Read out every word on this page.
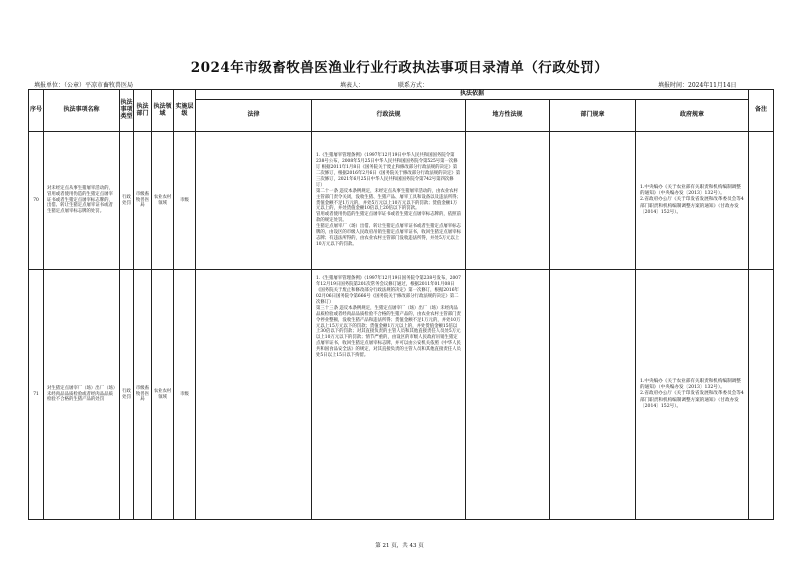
2024年市级畜牧兽医渔业行业行政执法事项目录清单（行政处罚）
填报单位：（公章）平凉市畜牧兽医局	填表人：	联系方式：	填报时间：2024年11月14日
序号	执法事项名称	执法事项类型	执法部门	执法领域	实施层级	执法依据					备注
						法律	行政法规	地方性法规	部门规章	政府规章	
70	对未经定点从事生猪屠宰活动的，冒用或者使用伪造的生猪定点屠宰证书或者生猪定点屠宰标志牌的，出借、转让生猪定点屠宰证书或者生猪定点屠宰标志牌的处罚。	行政处罚	市级畜牧兽医局	农业农村领域	市级		1.《生猪屠宰管理条例》（1997年12月19日中华人民共和国国务院令第238号公布，2008年5月25日中华人民共和国国务院令第525号第一次修订 根据2011年1月8日《国务院关于废止和修改部分行政法规的决定》第二次修订，根据2016年2月6日《国务院关于修改部分行政法规的决定》第三次修订，2021年6月25日中华人民共和国国务院令第742号第四次修订）
第二十一条 违反本条例规定，未经定点从事生猪屠宰活动的，由农业农村主管部门责令关闭，没收生猪、生猪产品、屠宰工具和设备以及违法所得；货值金额不足1万元的，并处5万元以上10万元以下的罚款；货值金额1万元以上的，并处货值金额10倍以上20倍以下的罚款。
冒用或者使用伪造的生猪定点屠宰证书或者生猪定点屠宰标志牌的，依照前款的规定处罚。
生猪定点屠宰厂（场）出借、转让生猪定点屠宰证书或者生猪定点屠宰标志牌的，由设区的市级人民政府吊销生猪定点屠宰证书，收回生猪定点屠宰标志牌；有违法所得的，由农业农村主管部门没收违法所得，并处5万元以上10万元以下的罚款。			1.中央编办《关于农业部有关职责和机构编制调整的通知》（中央编办发〔2013〕132号）。
2.省政府办公厅《关于印发省发展和改革委员会等4部门职责和机构编制调整方案的通知》（甘政办发〔2014〕152号）。	
71	对生猪定点屠宰厂（场）出厂（场）未经肉品品质检验或者经肉品品质检验不合格的生猪产品的处罚	行政处罚	市级畜牧兽医局	农业农村领域	市级		1.《生猪屠宰管理条例》（1997年12月19日国务院令第238号发布，2007年12月19日国务院第201次常务会议修订通过，根据2011年01月08日《国务院关于废止和修改部分行政法规的决定》第一次修订，根据2016年02月06日国务院令第666号《国务院关于修改部分行政法规的决定》第二次修订）
第三十三条 违反本条例规定，生猪定点屠宰厂（场）出厂（场）未经肉品品质检验或者经肉品品质检验不合格的生猪产品的，由农业农村主管部门责令停业整顿，没收生猪产品和违法所得；货值金额不足1万元的，并处10万元以上15万元以下的罚款；货值金额1万元以上的，并处货值金额15倍以上30倍以下的罚款；对其直接负责的主管人员和其他直接责任人员处5万元以上10万元以下的罚款；情节严重的，由设区的市级人民政府吊销生猪定点屠宰证书，收回生猪定点屠宰标志牌，并可以由公安机关依照《中华人民共和国食品安全法》的规定，对其直接负责的主管人员和其他直接责任人员处5日以上15日以下拘留。			1.中央编办《关于农业部有关职责和机构编制调整的通知》（中央编办发〔2013〕132号）。
2.省政府办公厅《关于印发省发展和改革委员会等4部门职责和机构编制调整方案的通知》（甘政办发〔2014〕152号）。	
第 21 页，共 43 页
